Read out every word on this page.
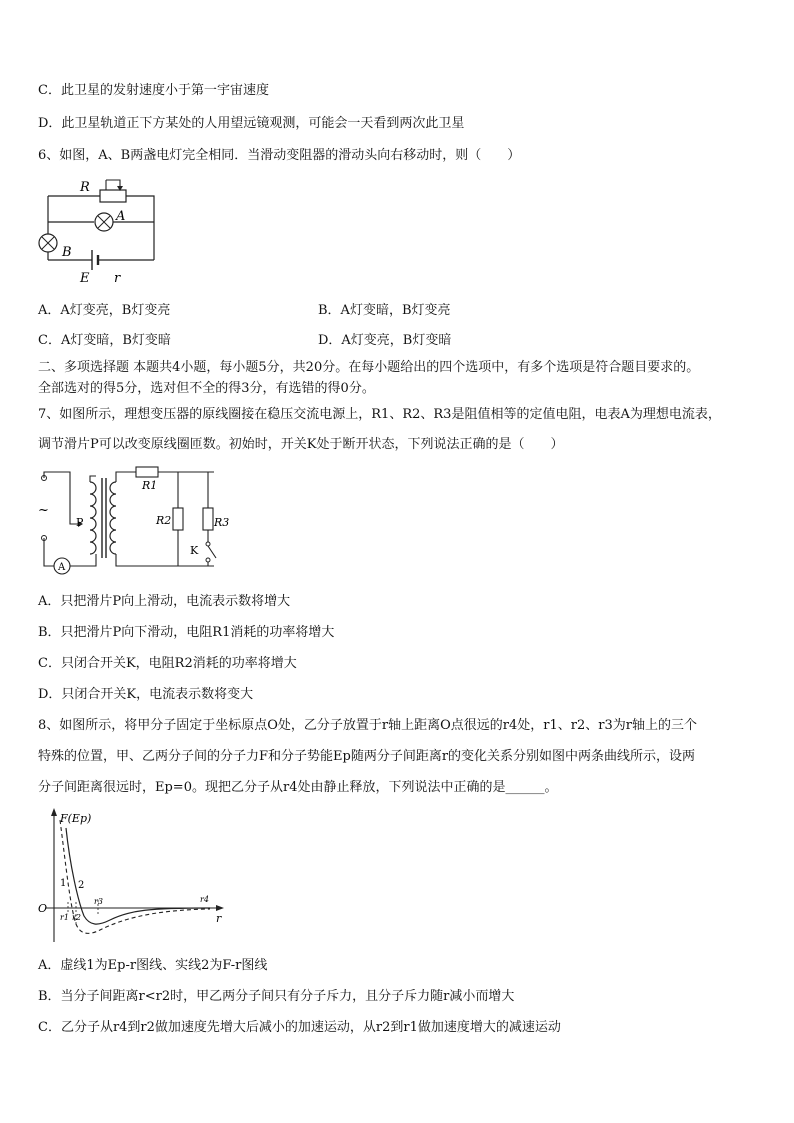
C．此卫星的发射速度小于第一宇宙速度
D．此卫星轨道正下方某处的人用望远镜观测，可能会一天看到两次此卫星
6、如图，A、B两盏电灯完全相同．当滑动变阻器的滑动头向右移动时，则（　　）
R
A
B
E r
A．A灯变亮，B灯变亮	B．A灯变暗，B灯变亮
C．A灯变暗，B灯变暗	D．A灯变亮，B灯变暗
二、多项选择题 本题共4小题，每小题5分，共20分。在每小题给出的四个选项中，有多个选项是符合题目要求的。
全部选对的得5分，选对但不全的得3分，有选错的得0分。
7、如图所示，理想变压器的原线圈接在稳压交流电源上，R1、R2、R3是阻值相等的定值电阻，电表A为理想电流表，
调节滑片P可以改变原线圈匝数。初始时，开关K处于断开状态，下列说法正确的是（　　）
~
P
A
R1
R2	R3
K
A．只把滑片P向上滑动，电流表示数将增大
B．只把滑片P向下滑动，电阻R1消耗的功率将增大
C．只闭合开关K，电阻R2消耗的功率将增大
D．只闭合开关K，电流表示数将变大
8、如图所示，将甲分子固定于坐标原点O处，乙分子放置于r轴上距离O点很远的r4处，r1、r2、r3为r轴上的三个
特殊的位置，甲、乙两分子间的分子力F和分子势能Ep随两分子间距离r的变化关系分别如图中两条曲线所示，设两
分子间距离很远时，Ep=0。现把乙分子从r4处由静止释放，下列说法中正确的是______。
F(Ep)
r
O
1 2
r1 r2
r3	r4
A．虚线1为Ep-r图线、实线2为F-r图线
B．当分子间距离r<r2时，甲乙两分子间只有分子斥力，且分子斥力随r减小而增大
C．乙分子从r4到r2做加速度先增大后减小的加速运动，从r2到r1做加速度增大的减速运动
